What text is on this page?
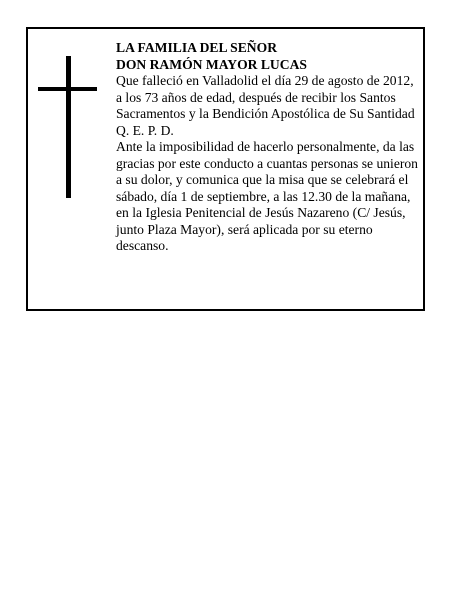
LA FAMILIA DEL SEÑOR
DON RAMÓN MAYOR LUCAS
Que falleció en Valladolid el día 29 de agosto de 2012,
a los 73 años de edad, después de recibir los Santos
Sacramentos y la Bendición Apostólica de Su Santidad
Q. E. P. D.
Ante la imposibilidad de hacerlo personalmente, da las
gracias por este conducto a cuantas personas se unieron
a su dolor, y comunica que la misa que se celebrará el
sábado, día 1 de septiembre, a las 12.30 de la mañana,
en la Iglesia Penitencial de Jesús Nazareno (C/ Jesús,
junto Plaza Mayor), será aplicada por su eterno
descanso.
